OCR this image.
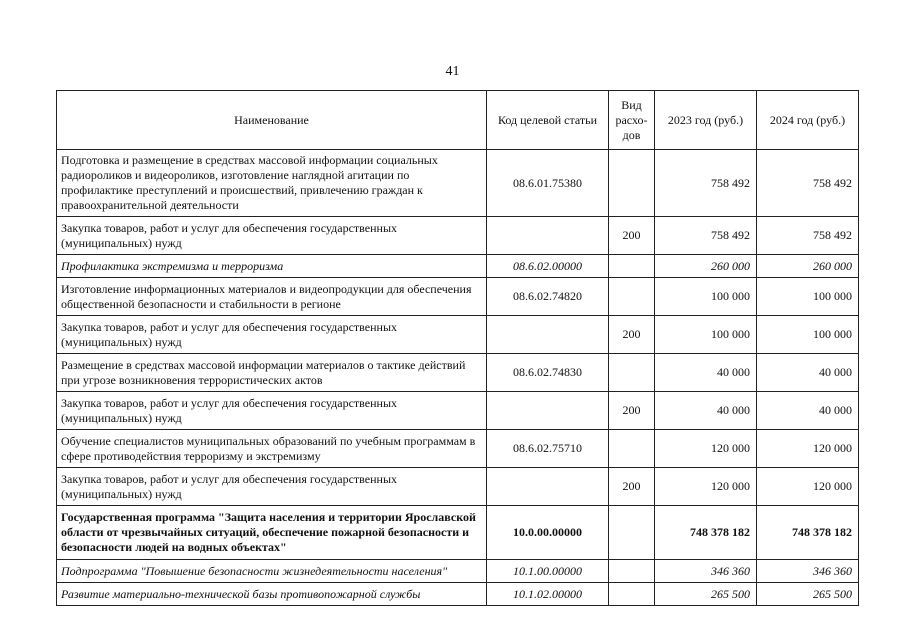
41
Наименование	Код целевой статьи	Вид расхо-дов	2023 год (руб.)	2024 год (руб.)
Подготовка и размещение в средствах массовой информации социальных радиороликов и видеороликов, изготовление наглядной агитации по профилактике преступлений и происшествий, привлечению граждан к правоохранительной деятельности	08.6.01.75380		758 492	758 492
Закупка товаров, работ и услуг для обеспечения государственных (муниципальных) нужд		200	758 492	758 492
Профилактика экстремизма и терроризма	08.6.02.00000		260 000	260 000
Изготовление информационных материалов и видеопродукции для обеспечения общественной безопасности и стабильности в регионе	08.6.02.74820		100 000	100 000
Закупка товаров, работ и услуг для обеспечения государственных (муниципальных) нужд		200	100 000	100 000
Размещение в средствах массовой информации материалов о тактике действий при угрозе возникновения террористических актов	08.6.02.74830		40 000	40 000
Закупка товаров, работ и услуг для обеспечения государственных (муниципальных) нужд		200	40 000	40 000
Обучение специалистов муниципальных образований по учебным программам в сфере противодействия терроризму и экстремизму	08.6.02.75710		120 000	120 000
Закупка товаров, работ и услуг для обеспечения государственных (муниципальных) нужд		200	120 000	120 000
Государственная программа "Защита населения и территории Ярославской области от чрезвычайных ситуаций, обеспечение пожарной безопасности и безопасности людей на водных объектах"	10.0.00.00000		748 378 182	748 378 182
Подпрограмма "Повышение безопасности жизнедеятельности населения"	10.1.00.00000		346 360	346 360
Развитие материально-технической базы противопожарной службы	10.1.02.00000		265 500	265 500
